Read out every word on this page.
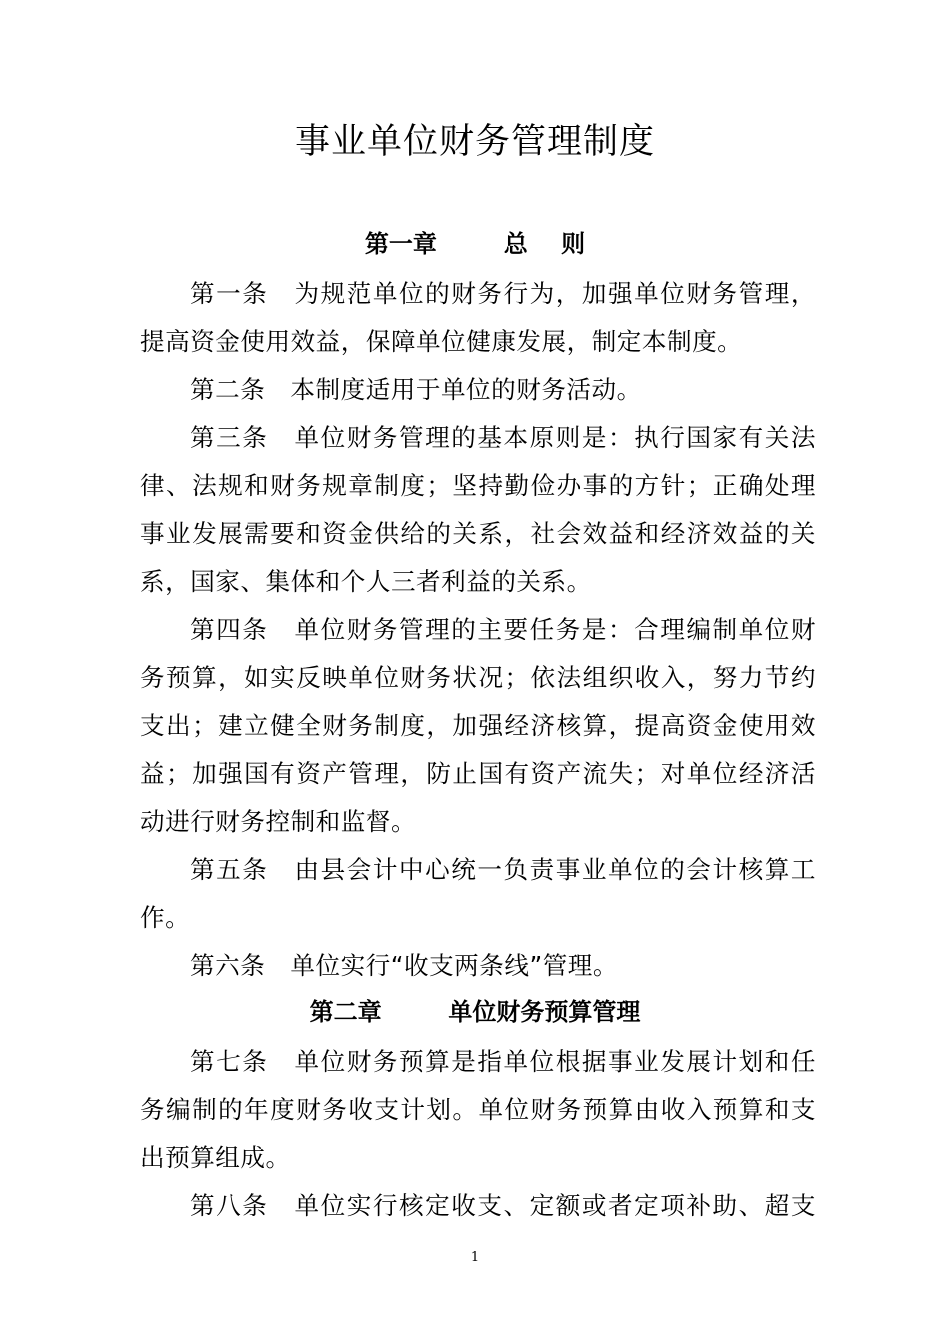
事业单位财务管理制度
第一章        总    则
第一条　为规范单位的财务行为，加强单位财务管理，
提高资金使用效益，保障单位健康发展，制定本制度。
第二条　本制度适用于单位的财务活动。
第三条　单位财务管理的基本原则是：执行国家有关法
律、法规和财务规章制度；坚持勤俭办事的方针；正确处理
事业发展需要和资金供给的关系，社会效益和经济效益的关
系，国家、集体和个人三者利益的关系。
第四条　单位财务管理的主要任务是：合理编制单位财
务预算，如实反映单位财务状况；依法组织收入，努力节约
支出；建立健全财务制度，加强经济核算，提高资金使用效
益；加强国有资产管理，防止国有资产流失；对单位经济活
动进行财务控制和监督。
第五条　由县会计中心统一负责事业单位的会计核算工
作。
第六条　单位实行“收支两条线”管理。
第二章        单位财务预算管理
第七条　单位财务预算是指单位根据事业发展计划和任
务编制的年度财务收支计划。单位财务预算由收入预算和支
出预算组成。
第八条　单位实行核定收支、定额或者定项补助、超支
1
